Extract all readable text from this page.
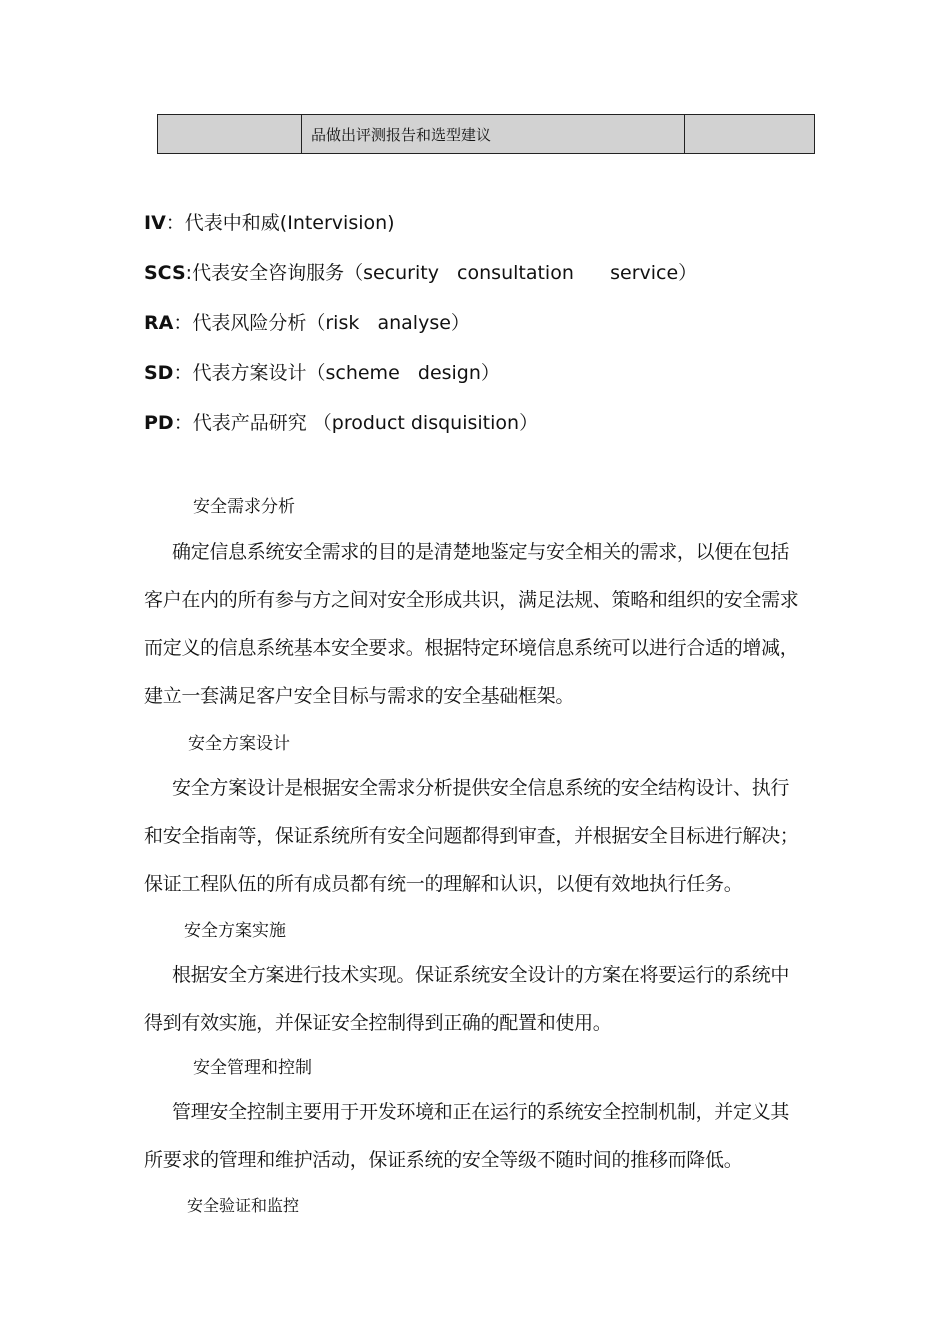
	品做出评测报告和选型建议	
IV：代表中和威(Intervision)
SCS:代表安全咨询服务（security   consultation      service）
RA：代表风险分析（risk   analyse）
SD：代表方案设计（scheme   design）
PD：代表产品研究 （product disquisition）
安全需求分析
确定信息系统安全需求的目的是清楚地鉴定与安全相关的需求，以便在包括
客户在内的所有参与方之间对安全形成共识，满足法规、策略和组织的安全需求
而定义的信息系统基本安全要求。根据特定环境信息系统可以进行合适的增减，
建立一套满足客户安全目标与需求的安全基础框架。
安全方案设计
安全方案设计是根据安全需求分析提供安全信息系统的安全结构设计、执行
和安全指南等，保证系统所有安全问题都得到审查，并根据安全目标进行解决；
保证工程队伍的所有成员都有统一的理解和认识，以便有效地执行任务。
安全方案实施
根据安全方案进行技术实现。保证系统安全设计的方案在将要运行的系统中
得到有效实施，并保证安全控制得到正确的配置和使用。
安全管理和控制
管理安全控制主要用于开发环境和正在运行的系统安全控制机制，并定义其
所要求的管理和维护活动，保证系统的安全等级不随时间的推移而降低。
安全验证和监控
